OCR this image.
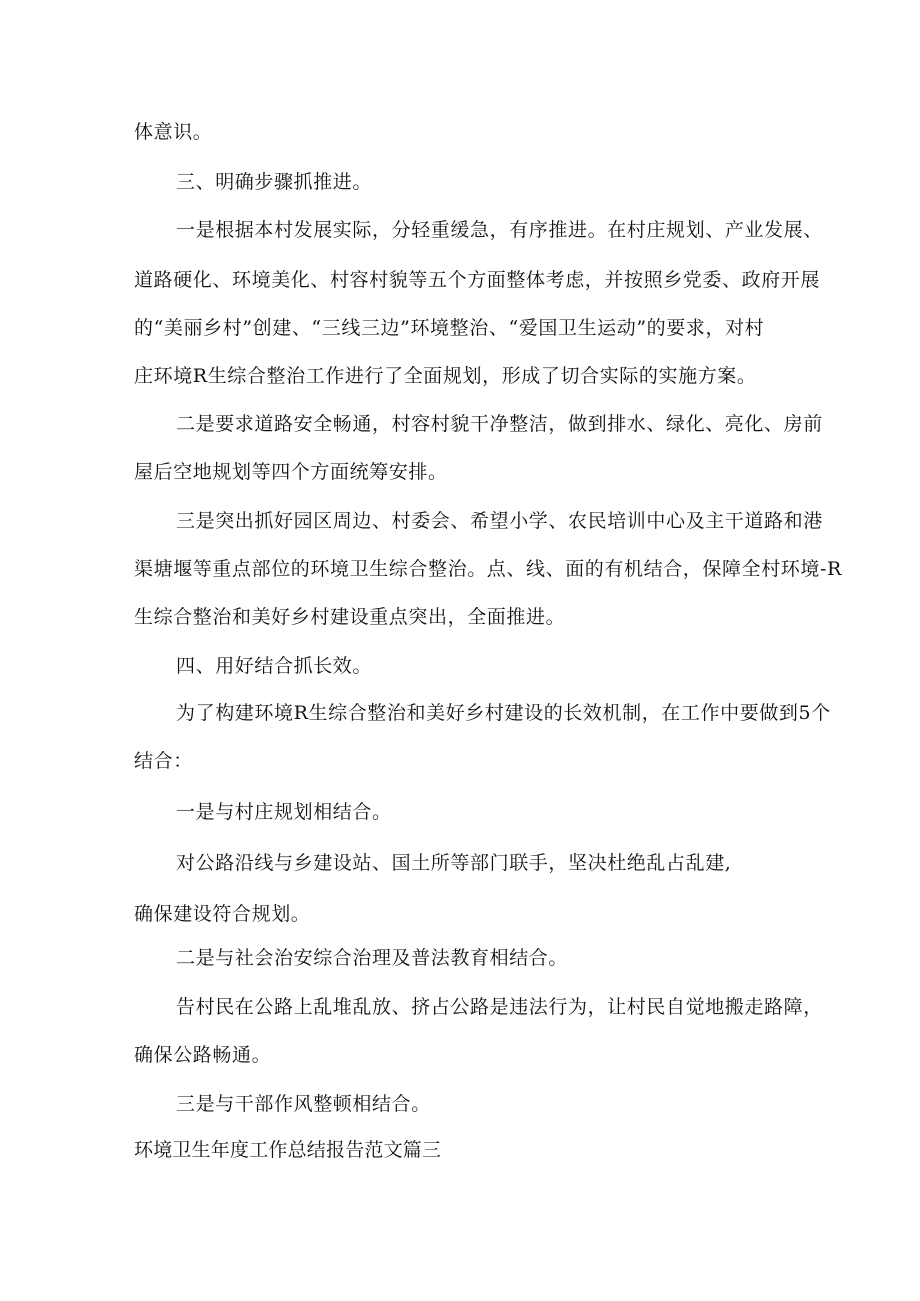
体意识。
三、明确步骤抓推进。
一是根据本村发展实际，分轻重缓急，有序推进。在村庄规划、产业发展、
道路硬化、环境美化、村容村貌等五个方面整体考虑，并按照乡党委、政府开展
的“美丽乡村”创建、“三线三边”环境整治、“爱国卫生运动”的要求，对村
庄环境R生综合整治工作进行了全面规划，形成了切合实际的实施方案。
二是要求道路安全畅通，村容村貌干净整洁，做到排水、绿化、亮化、房前
屋后空地规划等四个方面统筹安排。
三是突出抓好园区周边、村委会、希望小学、农民培训中心及主干道路和港
渠塘堰等重点部位的环境卫生综合整治。点、线、面的有机结合，保障全村环境-R
生综合整治和美好乡村建设重点突出，全面推进。
四、用好结合抓长效。
为了构建环境R生综合整治和美好乡村建设的长效机制，在工作中要做到5个
结合：
一是与村庄规划相结合。
对公路沿线与乡建设站、国土所等部门联手，坚决杜绝乱占乱建,
确保建设符合规划。
二是与社会治安综合治理及普法教育相结合。
告村民在公路上乱堆乱放、挤占公路是违法行为，让村民自觉地搬走路障，
确保公路畅通。
三是与干部作风整顿相结合。
环境卫生年度工作总结报告范文篇三
